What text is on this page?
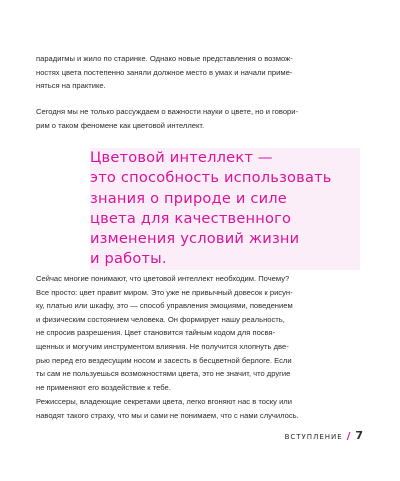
парадигмы и жило по старинке. Однако новые представления о возмож-
ностях цвета постепенно заняли должное место в умах и начали приме-
няться на практике.

Сегодня мы не только рассуждаем о важности науки о цвете, но и говори-
рим о таком феномене как цветовой интеллект.

Цветовой интеллект —
это способность использовать
знания о природе и силе
цвета для качественного
изменения условий жизни
и работы.

Сейчас многие понимают, что цветовой интеллект необходим. Почему?
Все просто: цвет правит миром. Это уже не привычный довесок к рисун-
ку, платью или шкафу, это — способ управления эмоциями, поведением
и физическим состоянием человека. Он формирует нашу реальность,
не спросив разрешения. Цвет становится тайным кодом для посвя-
щенных и могучим инструментом влияния. Не получится хлопнуть две-
рью перед его вездесущим носом и засесть в бесцветной берлоге. Если
ты сам не пользуешься возможностями цвета, это не значит, что другие
не применяют его воздействие к тебе.

Режиссеры, владеющие секретами цвета, легко вгоняют нас в тоску или
наводят такого страху, что мы и сами не понимаем, что с нами случилось.

ВСТУПЛЕНИЕ / 7
